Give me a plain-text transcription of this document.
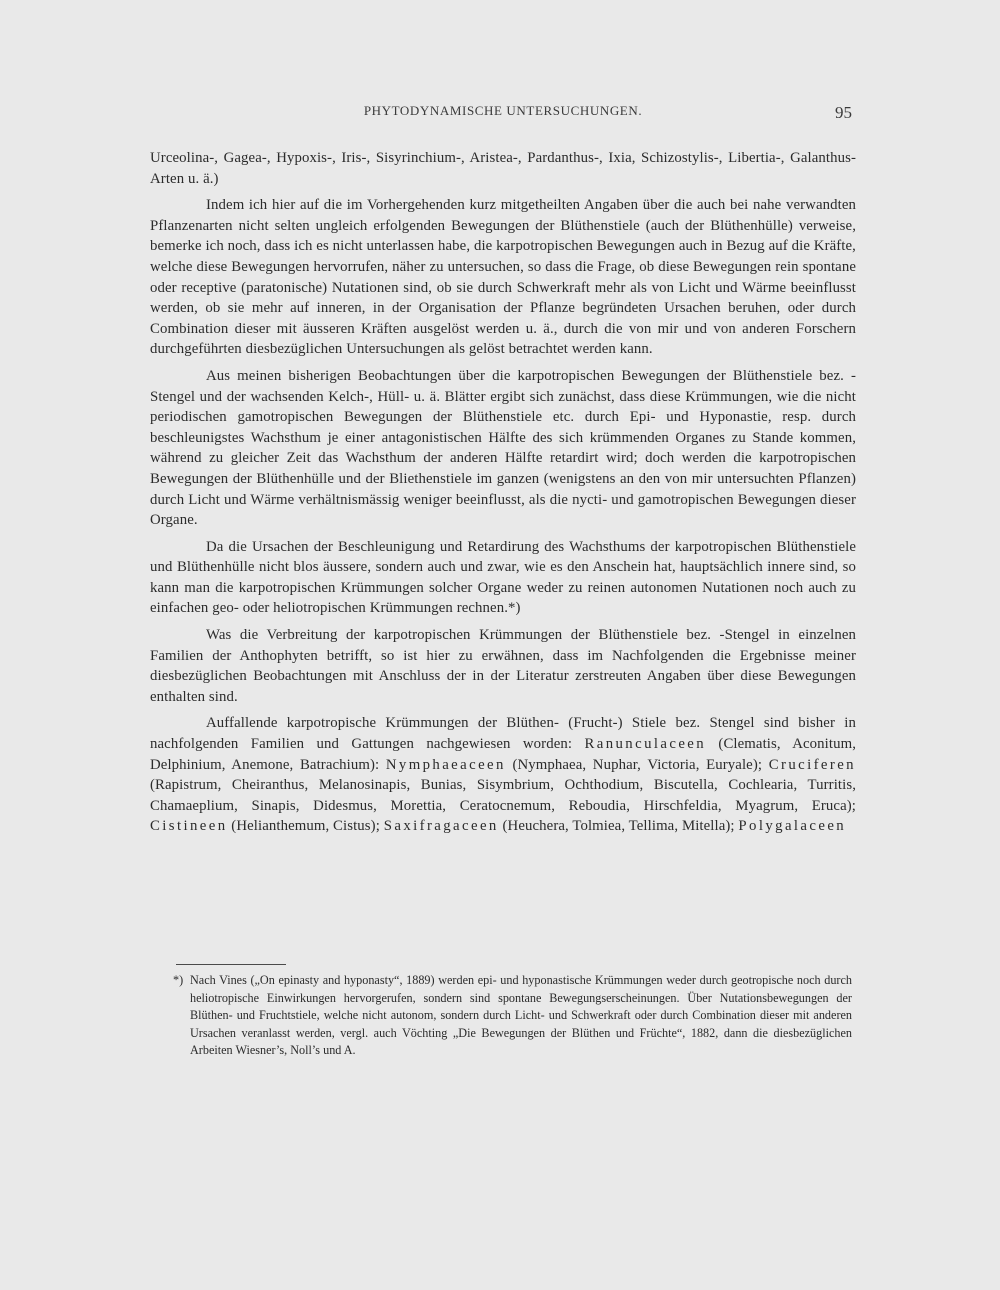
PHYTODYNAMISCHE UNTERSUCHUNGEN.	95

Urceolina-, Gagea-, Hypoxis-, Iris-, Sisyrinchium-, Aristea-, Pardanthus-, Ixia, Schizostylis-, Libertia-, Galanthus-Arten u. ä.)

Indem ich hier auf die im Vorhergehenden kurz mitgetheilten Angaben über die auch bei nahe verwandten Pflanzenarten nicht selten ungleich erfolgenden Bewegungen der Blüthenstiele (auch der Blüthenhülle) verweise, bemerke ich noch, dass ich es nicht unterlassen habe, die karpotropischen Bewegungen auch in Bezug auf die Kräfte, welche diese Bewegungen hervorrufen, näher zu untersuchen, so dass die Frage, ob diese Bewegungen rein spontane oder receptive (paratonische) Nutationen sind, ob sie durch Schwerkraft mehr als von Licht und Wärme beeinflusst werden, ob sie mehr auf inneren, in der Organisation der Pflanze begründeten Ursachen beruhen, oder durch Combination dieser mit äusseren Kräften ausgelöst werden u. ä., durch die von mir und von anderen Forschern durchgeführten diesbezüglichen Untersuchungen als gelöst betrachtet werden kann.

Aus meinen bisherigen Beobachtungen über die karpotropischen Bewegungen der Blüthenstiele bez. -Stengel und der wachsenden Kelch-, Hüll- u. ä. Blätter ergibt sich zunächst, dass diese Krümmungen, wie die nicht periodischen gamotropischen Bewegungen der Blüthenstiele etc. durch Epi- und Hyponastie, resp. durch beschleunigstes Wachsthum je einer antagonistischen Hälfte des sich krümmenden Organes zu Stande kommen, während zu gleicher Zeit das Wachsthum der anderen Hälfte retardirt wird; doch werden die karpotropischen Bewegungen der Blüthenhülle und der Bliethenstiele im ganzen (wenigstens an den von mir untersuchten Pflanzen) durch Licht und Wärme verhältnismässig weniger beeinflusst, als die nycti- und gamotropischen Bewegungen dieser Organe.

Da die Ursachen der Beschleunigung und Retardirung des Wachsthums der karpotropischen Blüthenstiele und Blüthenhülle nicht blos äussere, sondern auch und zwar, wie es den Anschein hat, hauptsächlich innere sind, so kann man die karpotropischen Krümmungen solcher Organe weder zu reinen autonomen Nutationen noch auch zu einfachen geo- oder heliotropischen Krümmungen rechnen.*)

Was die Verbreitung der karpotropischen Krümmungen der Blüthenstiele bez. -Stengel in einzelnen Familien der Anthophyten betrifft, so ist hier zu erwähnen, dass im Nachfolgenden die Ergebnisse meiner diesbezüglichen Beobachtungen mit Anschluss der in der Literatur zerstreuten Angaben über diese Bewegungen enthalten sind.

Auffallende karpotropische Krümmungen der Blüthen- (Frucht-) Stiele bez. Stengel sind bisher in nachfolgenden Familien und Gattungen nachgewiesen worden: Ranunculaceen (Clematis, Aconitum, Delphinium, Anemone, Batrachium): Nymphaeaceen (Nymphaea, Nuphar, Victoria, Euryale); Cruciferen (Rapistrum, Cheiranthus, Melanosinapis, Bunias, Sisymbrium, Ochthodium, Biscutella, Cochlearia, Turritis, Chamaeplium, Sinapis, Didesmus, Morettia, Ceratocnemum, Reboudia, Hirschfeldia, Myagrum, Eruca); Cistineen (Helianthemum, Cistus); Saxifragaceen (Heuchera, Tolmiea, Tellima, Mitella); Polygalaceen

*) Nach Vines („On epinasty and hyponasty“, 1889) werden epi- und hyponastische Krümmungen weder durch geotropische noch durch heliotropische Einwirkungen hervorgerufen, sondern sind spontane Bewegungserscheinungen. Über Nutationsbewegungen der Blüthen- und Fruchtstiele, welche nicht autonom, sondern durch Licht- und Schwerkraft oder durch Combination dieser mit anderen Ursachen veranlasst werden, vergl. auch Vöchting „Die Bewegungen der Blüthen und Früchte“, 1882, dann die diesbezüglichen Arbeiten Wiesner’s, Noll’s und A.
